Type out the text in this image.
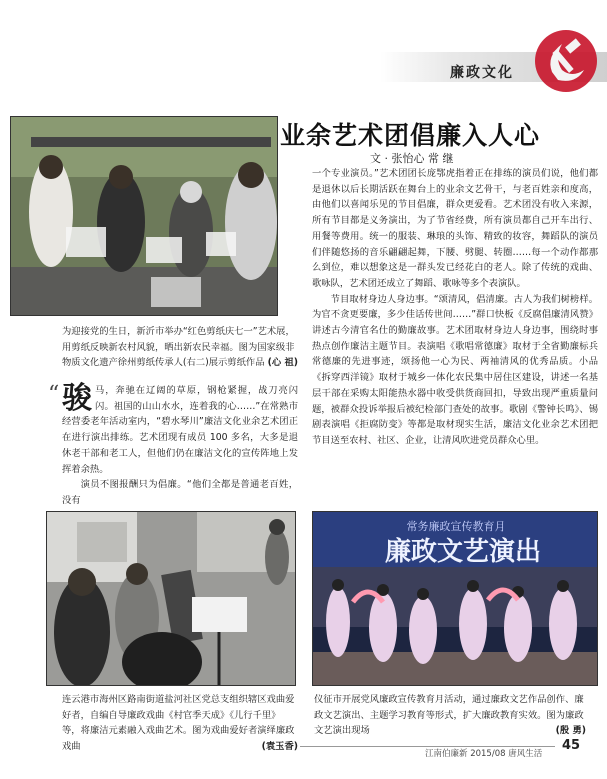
廉政文化
业余艺术团倡廉入人心
文 · 张怡心 常 继
为迎接党的生日，新沂市举办“红色剪纸庆七一”艺术展，用剪纸反映新农村风貌，晒出新农民幸福。图为国家级非物质文化遗产徐州剪纸传承人(右二)展示剪纸作品 (心 祖)
“ 骏 马，奔驰在辽阔的草原，钢枪紧握，战刀亮闪闪。祖国的山山水水，连着我的心……”在常熟市经营委老年活动室内，“碧水琴川”廉洁文化业余艺术团正在进行演出排练。艺术团现有成员 100 多名，大多是退休老干部和老工人，但他们仍在廉洁文化的宣传阵地上发挥着余热。
演员不图报酬只为倡廉。“他们全都是普通老百姓，没有
一个专业演员。”艺术团团长庞鄂虎指着正在排练的演员们说，他们都是退休以后长期活跃在舞台上的业余文艺骨干，与老百姓亲和度高，由他们以喜闻乐见的节目倡廉，群众更爱看。艺术团没有收入来源，所有节目都是义务演出，为了节省经费，所有演员都自己开车出行、用餐等费用。统一的服装、琳琅的头饰、精致的妆容，舞蹈队的演员们伴随悠扬的音乐翩翩起舞，下腰、劈腿、转圈……每一个动作都那么到位，难以想象这是一群头发已经花白的老人。除了传统的戏曲、歌咏队，艺术团还成立了舞蹈、歌咏等多个表演队。
节目取材身边人身边事。“颂清风，倡清廉。古人为我们树榜样。为官不贪更要廉，多少佳话传世间……”群口快板《反腐倡廉清风赞》讲述古今清官名仕的勤廉故事。艺术团取材身边人身边事，围绕时事热点创作廉洁主题节目。表演唱《歌唱常德廉》取材于全省勤廉标兵常德廉的先进事迹，颂扬他一心为民、两袖清风的优秀品质。小品《拆穿西洋镜》取材于城乡一体化农民集中居住区建设，讲述一名基层干部在采购太阳能热水器中收受供货商回扣，导致出现严重质量问题，被群众投诉举报后被纪检部门查处的故事。歌剧《警钟长鸣》、锡剧表演唱《拒腐防变》等都是取材现实生活，廉洁文化业余艺术团把节目送至农村、社区、企业，让清风吹进党员群众心里。
连云港市海州区路南街道盐河社区党总支组织辖区戏曲爱好者，自编自导廉政戏曲《村官季天成》《儿行千里》等，将廉洁元素融入戏曲艺术。图为戏曲爱好者演绎廉政戏曲	(袁玉香)
常务廉政宣传教育月
廉政文艺演出
仪征市开展党风廉政宣传教育月活动，通过廉政文艺作品创作、廉政文艺演出、主题学习教育等形式，扩大廉政教育实效。图为廉政文艺演出现场	(殷 勇)
江南伯廉新 2015/08 唐风生活
45
